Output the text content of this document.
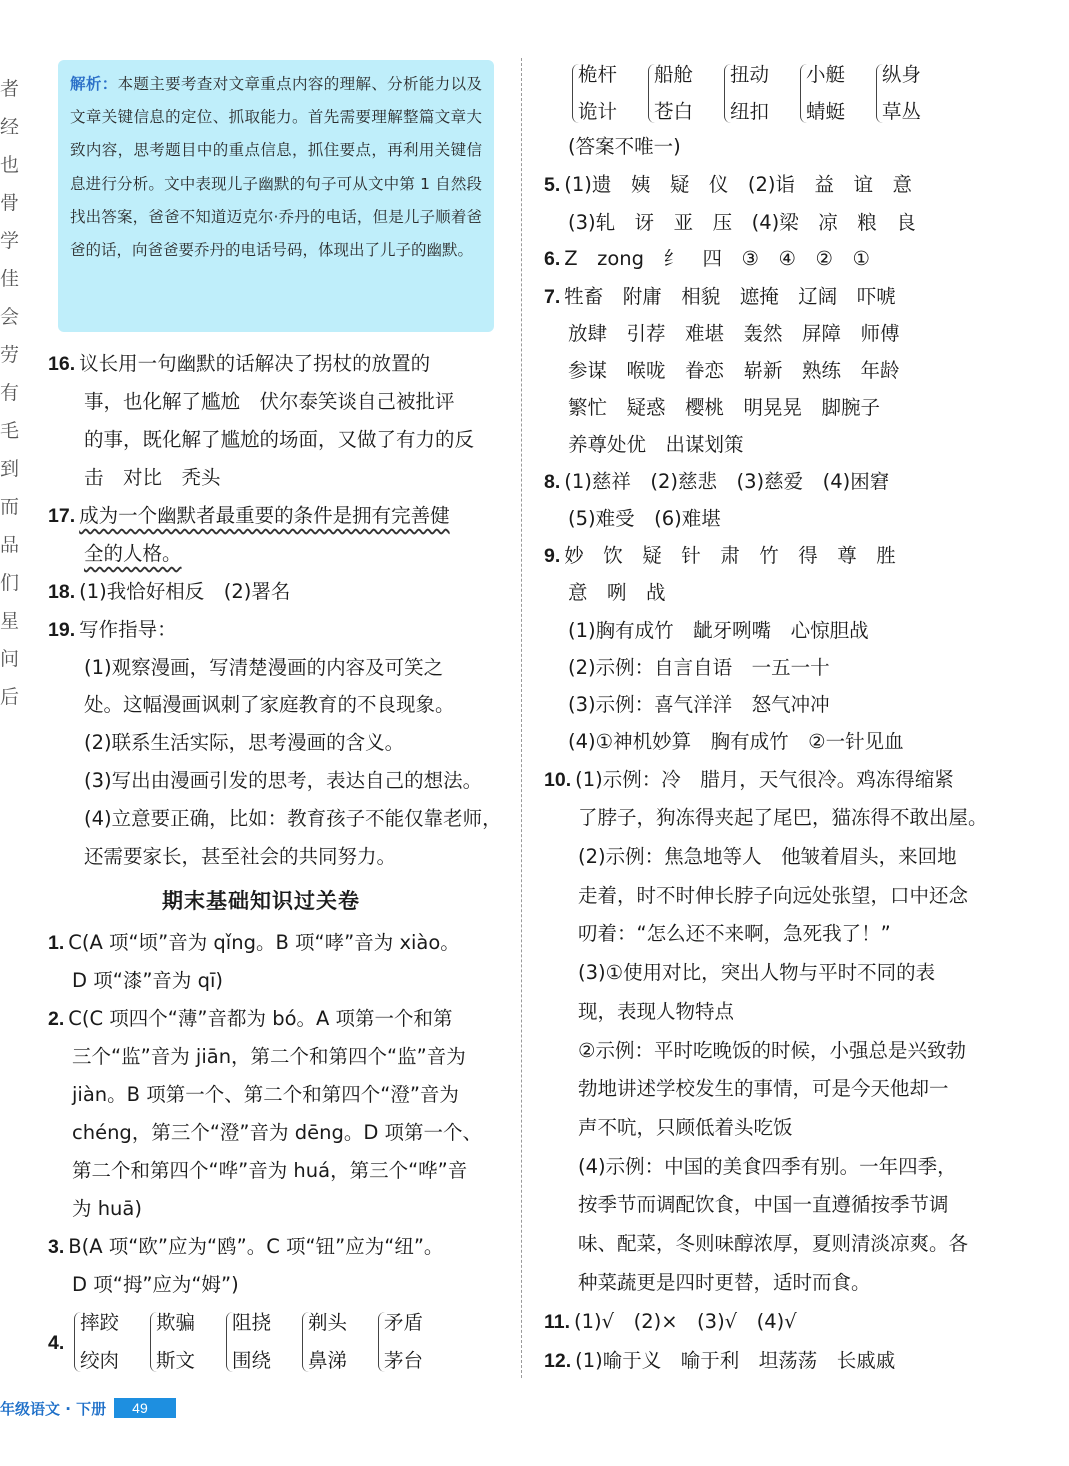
者
经
也
骨
学
佳
会
劳
有
毛
到
而
品
们
星
问
后
解析：本题主要考查对文章重点内容的理解、分析能力以及文章关键信息的定位、抓取能力。首先需要理解整篇文章大致内容，思考题目中的重点信息，抓住要点，再利用关键信息进行分析。文中表现儿子幽默的句子可从文中第 1 自然段找出答案，爸爸不知道迈克尔·乔丹的电话，但是儿子顺着爸爸的话，向爸爸要乔丹的电话号码，体现出了儿子的幽默。
16. 议长用一句幽默的话解决了拐杖的放置的
事，也化解了尴尬　伏尔泰笑谈自己被批评
的事，既化解了尴尬的场面，又做了有力的反
击　对比　秃头
17. 成为一个幽默者最重要的条件是拥有完善健
全的人格。
18. (1)我恰好相反　(2)署名
19. 写作指导：
(1)观察漫画，写清楚漫画的内容及可笑之
处。这幅漫画讽刺了家庭教育的不良现象。
(2)联系生活实际，思考漫画的含义。
(3)写出由漫画引发的思考，表达自己的想法。
(4)立意要正确，比如：教育孩子不能仅靠老师，
还需要家长，甚至社会的共同努力。
期末基础知识过关卷
1. C(A 项“顷”音为 qǐng。B 项“哮”音为 xiào。
D 项“漆”音为 qī)
2. C(C 项四个“薄”音都为 bó。A 项第一个和第
三个“监”音为 jiān，第二个和第四个“监”音为
jiàn。B 项第一个、第二个和第四个“澄”音为
chéng，第三个“澄”音为 dēng。D 项第一个、
第二个和第四个“哗”音为 huá，第三个“哗”音
为 huā)
3. B(A 项“欧”应为“鸥”。C 项“钮”应为“纽”。
D 项“拇”应为“姆”)
4.
摔跤
绞肉
欺骗
斯文
阻挠
围绕
剃头
鼻涕
矛盾
茅台
桅杆
诡计
船舱
苍白
扭动
纽扣
小艇
蜻蜓
纵身
草丛
(答案不唯一)
5. (1)遗　姨　疑　仪　(2)诣　益　谊　意
(3)轧　讶　亚　压　(4)梁　凉　粮　良
6. Z　zong　纟　四　③　④　②　①
7. 牲畜　附庸　相貌　遮掩　辽阔　吓唬
放肆　引荐　难堪　轰然　屏障　师傅
参谋　喉咙　眷恋　崭新　熟练　年龄
繁忙　疑惑　樱桃　明晃晃　脚腕子
养尊处优　出谋划策
8. (1)慈祥　(2)慈悲　(3)慈爱　(4)困窘
(5)难受　(6)难堪
9. 妙　饮　疑　针　肃　竹　得　尊　胜
意　咧　战
(1)胸有成竹　龇牙咧嘴　心惊胆战
(2)示例：自言自语　一五一十
(3)示例：喜气洋洋　怒气冲冲
(4)①神机妙算　胸有成竹　②一针见血
10. (1)示例：冷　腊月，天气很冷。鸡冻得缩紧
了脖子，狗冻得夹起了尾巴，猫冻得不敢出屋。
(2)示例：焦急地等人　他皱着眉头，来回地
走着，时不时伸长脖子向远处张望，口中还念
叨着：“怎么还不来啊，急死我了！”
(3)①使用对比，突出人物与平时不同的表
现，表现人物特点
②示例：平时吃晚饭的时候，小强总是兴致勃
勃地讲述学校发生的事情，可是今天他却一
声不吭，只顾低着头吃饭
(4)示例：中国的美食四季有别。一年四季，
按季节而调配饮食，中国一直遵循按季节调
味、配菜，冬则味醇浓厚，夏则清淡凉爽。各
种菜蔬更是四时更替，适时而食。
11. (1)√　(2)×　(3)√　(4)√
12. (1)喻于义　喻于利　坦荡荡　长戚戚
年级语文 · 下册	49
